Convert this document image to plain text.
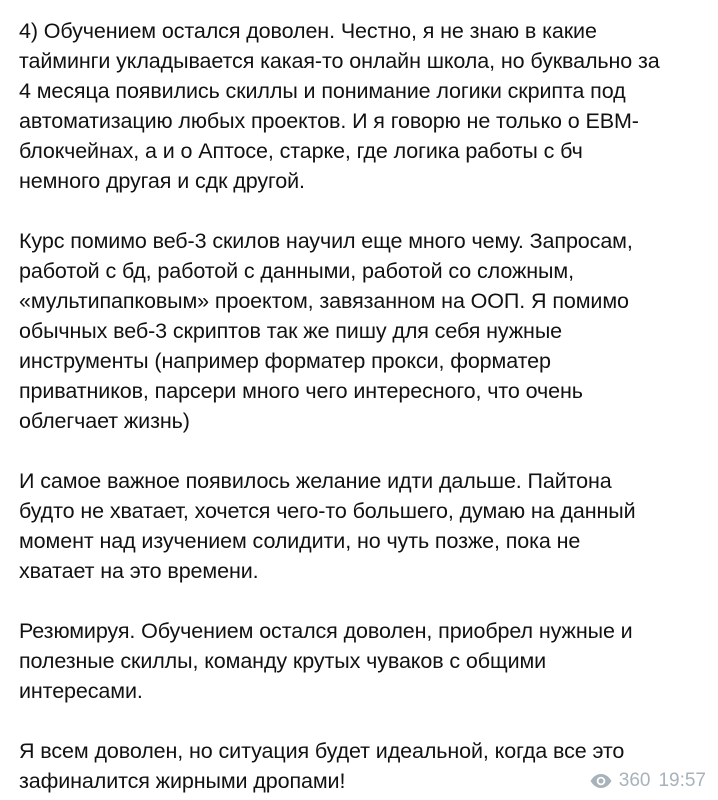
4) Обучением остался доволен. Честно, я не знаю в какие
тайминги укладывается какая-то онлайн школа, но буквально за
4 месяца появились скиллы и понимание логики скрипта под
автоматизацию любых проектов. И я говорю не только о EBM-
блокчейнах, а и о Аптосе, старке, где логика работы с бч
немного другая и сдк другой.

Курс помимо веб-3 скилов научил еще много чему. Запросам,
работой с бд, работой с данными, работой со сложным,
«мультипапковым» проектом, завязанном на ООП. Я помимо
обычных веб-3 скриптов так же пишу для себя нужные
инструменты (например форматер прокси, форматер
приватников, парсери много чего интересного, что очень
облегчает жизнь)

И самое важное появилось желание идти дальше. Пайтона
будто не хватает, хочется чего-то большего, думаю на данный
момент над изучением солидити, но чуть позже, пока не
хватает на это времени.

Резюмируя. Обучением остался доволен, приобрел нужные и
полезные скиллы, команду крутых чуваков с общими
интересами.

Я всем доволен, но ситуация будет идеальной, когда все это
зафиналится жирными дропами!	360 19:57
